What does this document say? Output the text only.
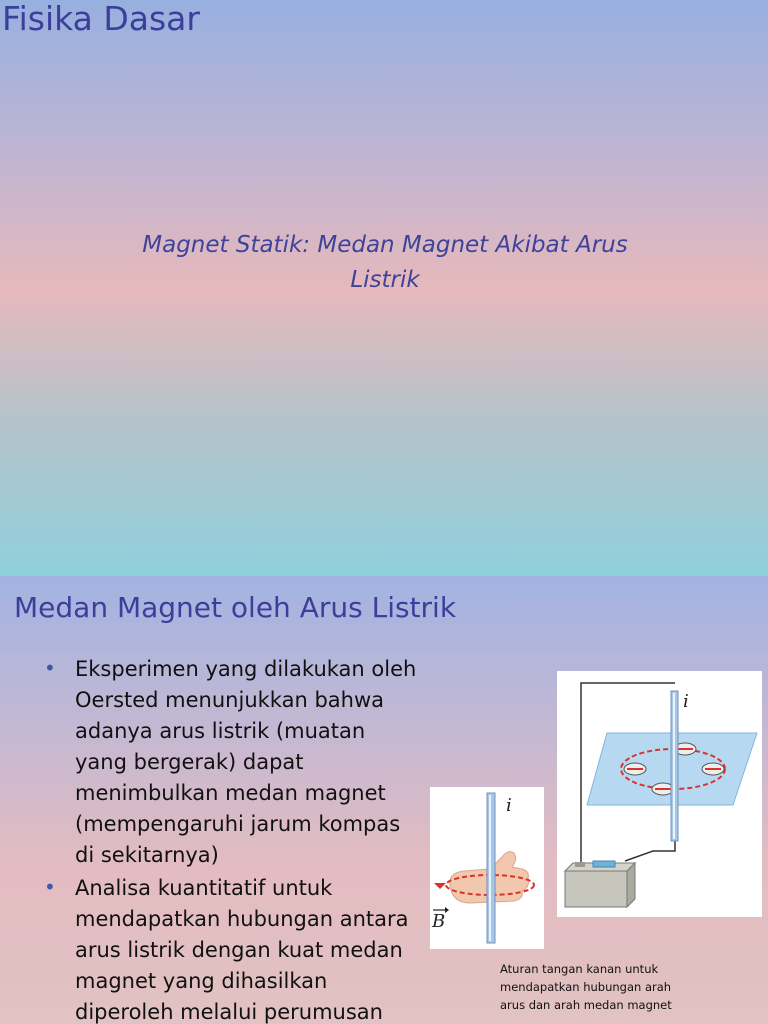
Fisika Dasar
Magnet Statik: Medan Magnet Akibat Arus
Listrik
Medan Magnet oleh Arus Listrik
• Eksperimen yang dilakukan oleh
Oersted menunjukkan bahwa
adanya arus listrik (muatan
yang bergerak) dapat
menimbulkan medan magnet
(mempengaruhi jarum kompas
di sekitarnya)
• Analisa kuantitatif untuk
mendapatkan hubungan antara
arus listrik dengan kuat medan
magnet yang dihasilkan
diperoleh melalui perumusan
i
B
i
Aturan tangan kanan untuk
mendapatkan hubungan arah
arus dan arah medan magnet
